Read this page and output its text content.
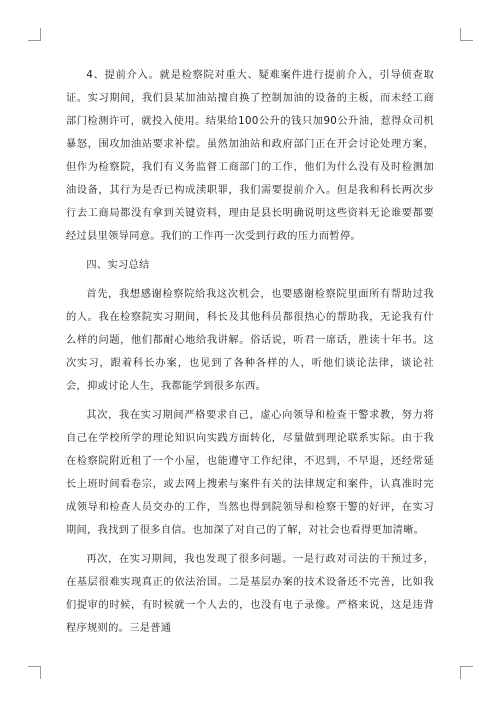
4、提前介入。就是检察院对重大、疑难案件进行提前介入，引导侦查取证。实习期间，我们县某加油站擅自换了控制加油的设备的主板，而未经工商部门检测许可，就投入使用。结果给100公升的钱只加90公升油，惹得众司机暴怒，围攻加油站要求补偿。虽然加油站和政府部门正在开会讨论处理方案，但作为检察院，我们有义务监督工商部门的工作，他们为什么没有及时检测加油设备，其行为是否已构成渎职罪，我们需要提前介入。但是我和科长两次步行去工商局都没有拿到关键资料，理由是县长明确说明这些资料无论谁要都要经过县里领导同意。我们的工作再一次受到行政的压力而暂停。

四、实习总结

首先，我想感谢检察院给我这次机会，也要感谢检察院里面所有帮助过我的人。我在检察院实习期间，科长及其他科员都很热心的帮助我，无论我有什么样的问题，他们都耐心地给我讲解。俗话说，听君一席话，胜读十年书。这次实习，跟着科长办案，也见到了各种各样的人，听他们谈论法律，谈论社会，抑或讨论人生，我都能学到很多东西。

其次，我在实习期间严格要求自己，虚心向领导和检查干警求教，努力将自己在学校所学的理论知识向实践方面转化，尽量做到理论联系实际。由于我在检察院附近租了一个小屋，也能遵守工作纪律，不迟到，不早退，还经常延长上班时间看卷宗，或去网上搜索与案件有关的法律规定和案件，认真准时完成领导和检查人员交办的工作，当然也得到院领导和检察干警的好评，在实习期间，我找到了很多自信。也加深了对自己的了解，对社会也看得更加清晰。

再次，在实习期间，我也发现了很多问题。一是行政对司法的干预过多，在基层很难实现真正的依法治国。二是基层办案的技术设备还不完善，比如我们提审的时候，有时候就一个人去的，也没有电子录像。严格来说，这是违背程序规则的。三是普通
